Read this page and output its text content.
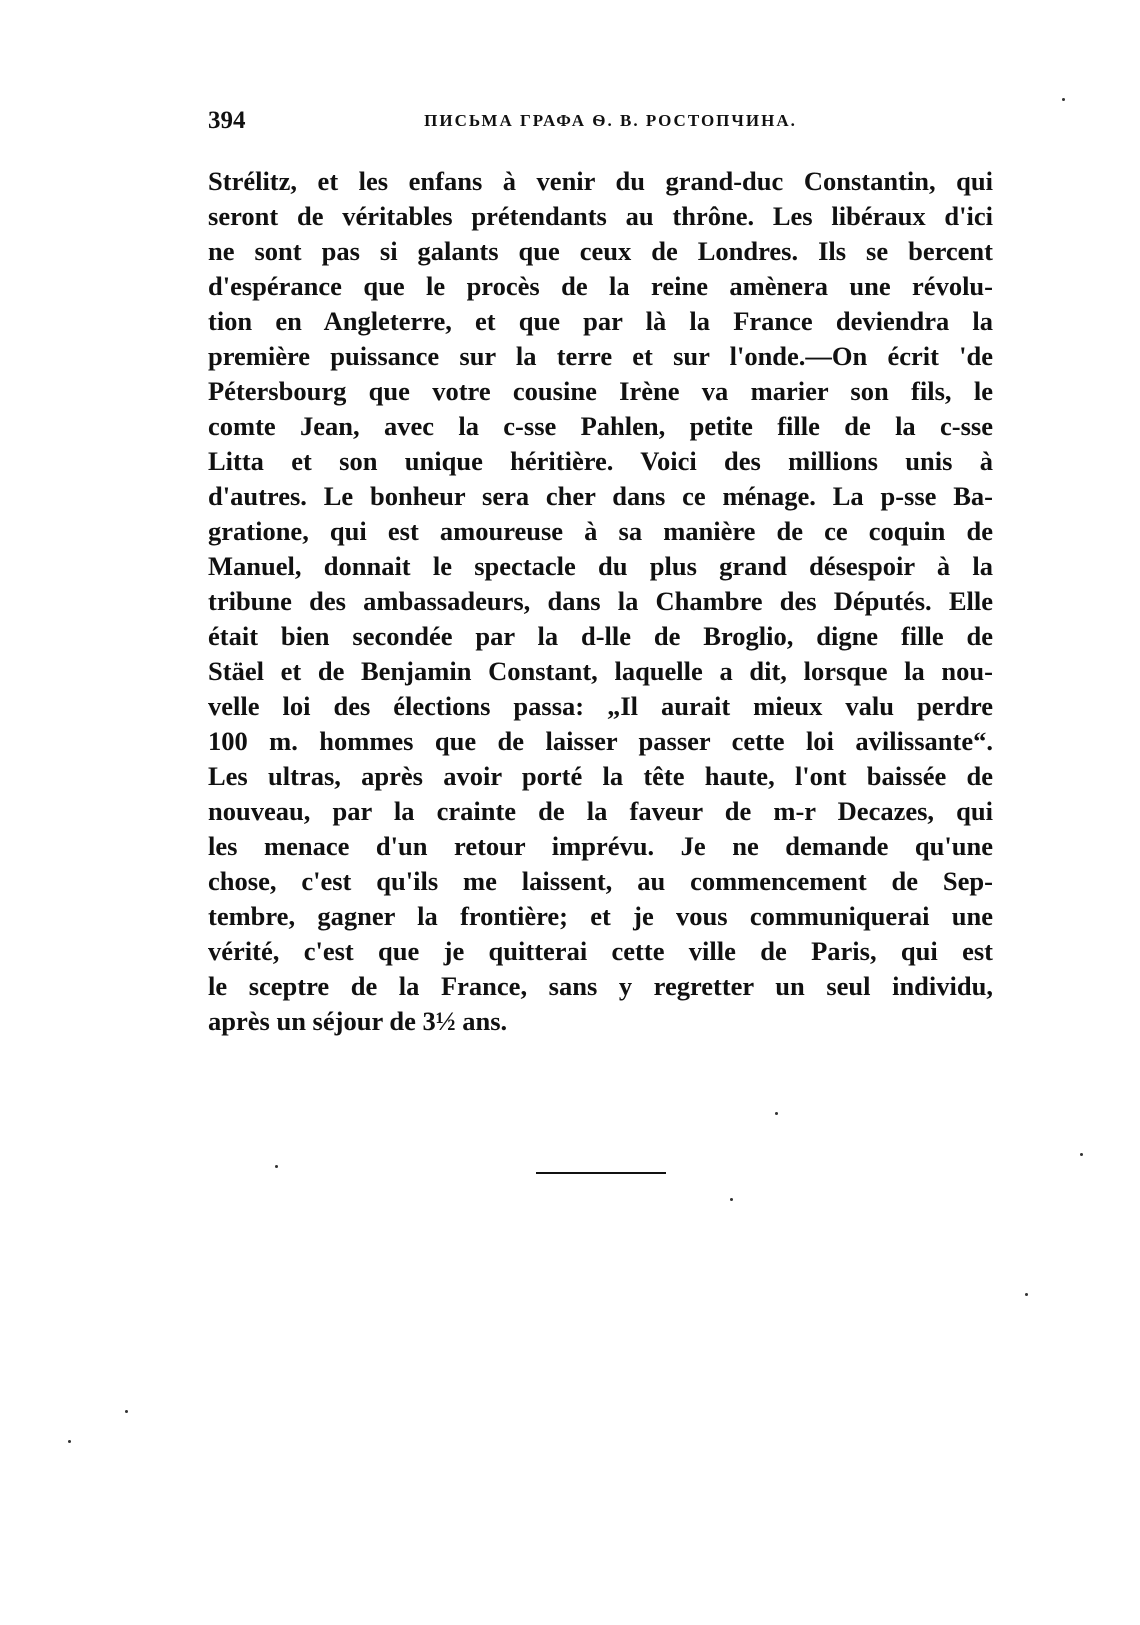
394	ПИСЬМА ГРАФА Ѳ. В. РОСТОПЧИНА.
Strélitz, et les enfans à venir du grand-duc Constantin, qui
seront de véritables prétendants au thrône. Les libéraux d'ici
ne sont pas si galants que ceux de Londres. Ils se bercent
d'espérance que le procès de la reine amènera une révolu-
tion en Angleterre, et que par là la France deviendra la
première puissance sur la terre et sur l'onde.—On écrit 'de
Pétersbourg que votre cousine Irène va marier son fils, le
comte Jean, avec la c-sse Pahlen, petite fille de la c-sse
Litta et son unique héritière. Voici des millions unis à
d'autres. Le bonheur sera cher dans ce ménage. La p-sse Ba-
gratione, qui est amoureuse à sa manière de ce coquin de
Manuel, donnait le spectacle du plus grand désespoir à la
tribune des ambassadeurs, dans la Chambre des Députés. Elle
était bien secondée par la d-lle de Broglio, digne fille de
Stäel et de Benjamin Constant, laquelle a dit, lorsque la nou-
velle loi des élections passa: „Il aurait mieux valu perdre
100 m. hommes que de laisser passer cette loi avilissante“.
Les ultras, après avoir porté la tête haute, l'ont baissée de
nouveau, par la crainte de la faveur de m-r Decazes, qui
les menace d'un retour imprévu. Je ne demande qu'une
chose, c'est qu'ils me laissent, au commencement de Sep-
tembre, gagner la frontière; et je vous communiquerai une
vérité, c'est que je quitterai cette ville de Paris, qui est
le sceptre de la France, sans y regretter un seul individu,
après un séjour de 3½ ans.
